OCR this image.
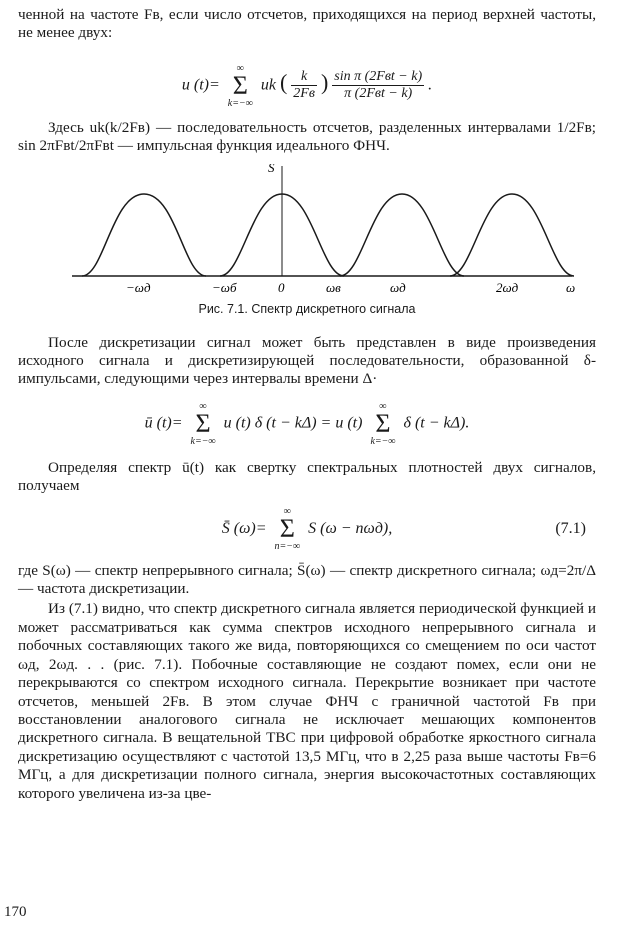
ченной на частоте Fв, если число отсчетов, приходящихся на период верхней частоты, не менее двух:

u (t)=
∞
Σ
k=−∞
uk ( $\frac{k}{2Fв}$ ) $\frac{\text{sin π (2Fвt − k)}}{\text{π (2Fвt − k)}}$ .

Здесь uk(k/2Fв) — последовательность отсчетов, разделенных интервалами 1/2Fв; sin 2πFвt/2πFвt — импульсная функция идеального ФНЧ.

S̄
−ωд	−ωб	0	ωв	ωд	2ωд	ω

Рис. 7.1. Спектр дискретного сигнала

После дискретизации сигнал может быть представлен в виде произведения исходного сигнала и дискретизирующей последовательности, образованной δ-импульсами, следующими через интервалы времени Δ·

ū (t)=
∞
Σ
k=−∞
u (t) δ (t − kΔ) = u (t)
∞
Σ
k=−∞
δ (t − kΔ).

Определяя спектр ū(t) как свертку спектральных плотностей двух сигналов, получаем

S̄ (ω)=
∞
Σ
n=−∞
S (ω − nωд),	(7.1)

где S(ω) — спектр непрерывного сигнала; S̄(ω) — спектр дискретного сигнала; ωд=2π/Δ — частота дискретизации.

Из (7.1) видно, что спектр дискретного сигнала является периодической функцией и может рассматриваться как сумма спектров исходного непрерывного сигнала и побочных составляющих такого же вида, повторяющихся со смещением по оси частот ωд, 2ωд. . . (рис. 7.1). Побочные составляющие не создают помех, если они не перекрываются со спектром исходного сигнала. Перекрытие возникает при частоте отсчетов, меньшей 2Fв. В этом случае ФНЧ с граничной частотой Fв при восстановлении аналогового сигнала не исключает мешающих компонентов дискретного сигнала. В вещательной ТВС при цифровой обработке яркостного сигнала дискретизацию осуществляют с частотой 13,5 МГц, что в 2,25 раза выше частоты Fв=6 МГц, а для дискретизации полного сигнала, энергия высокочастотных составляющих которого увеличена из-за цве-

170
